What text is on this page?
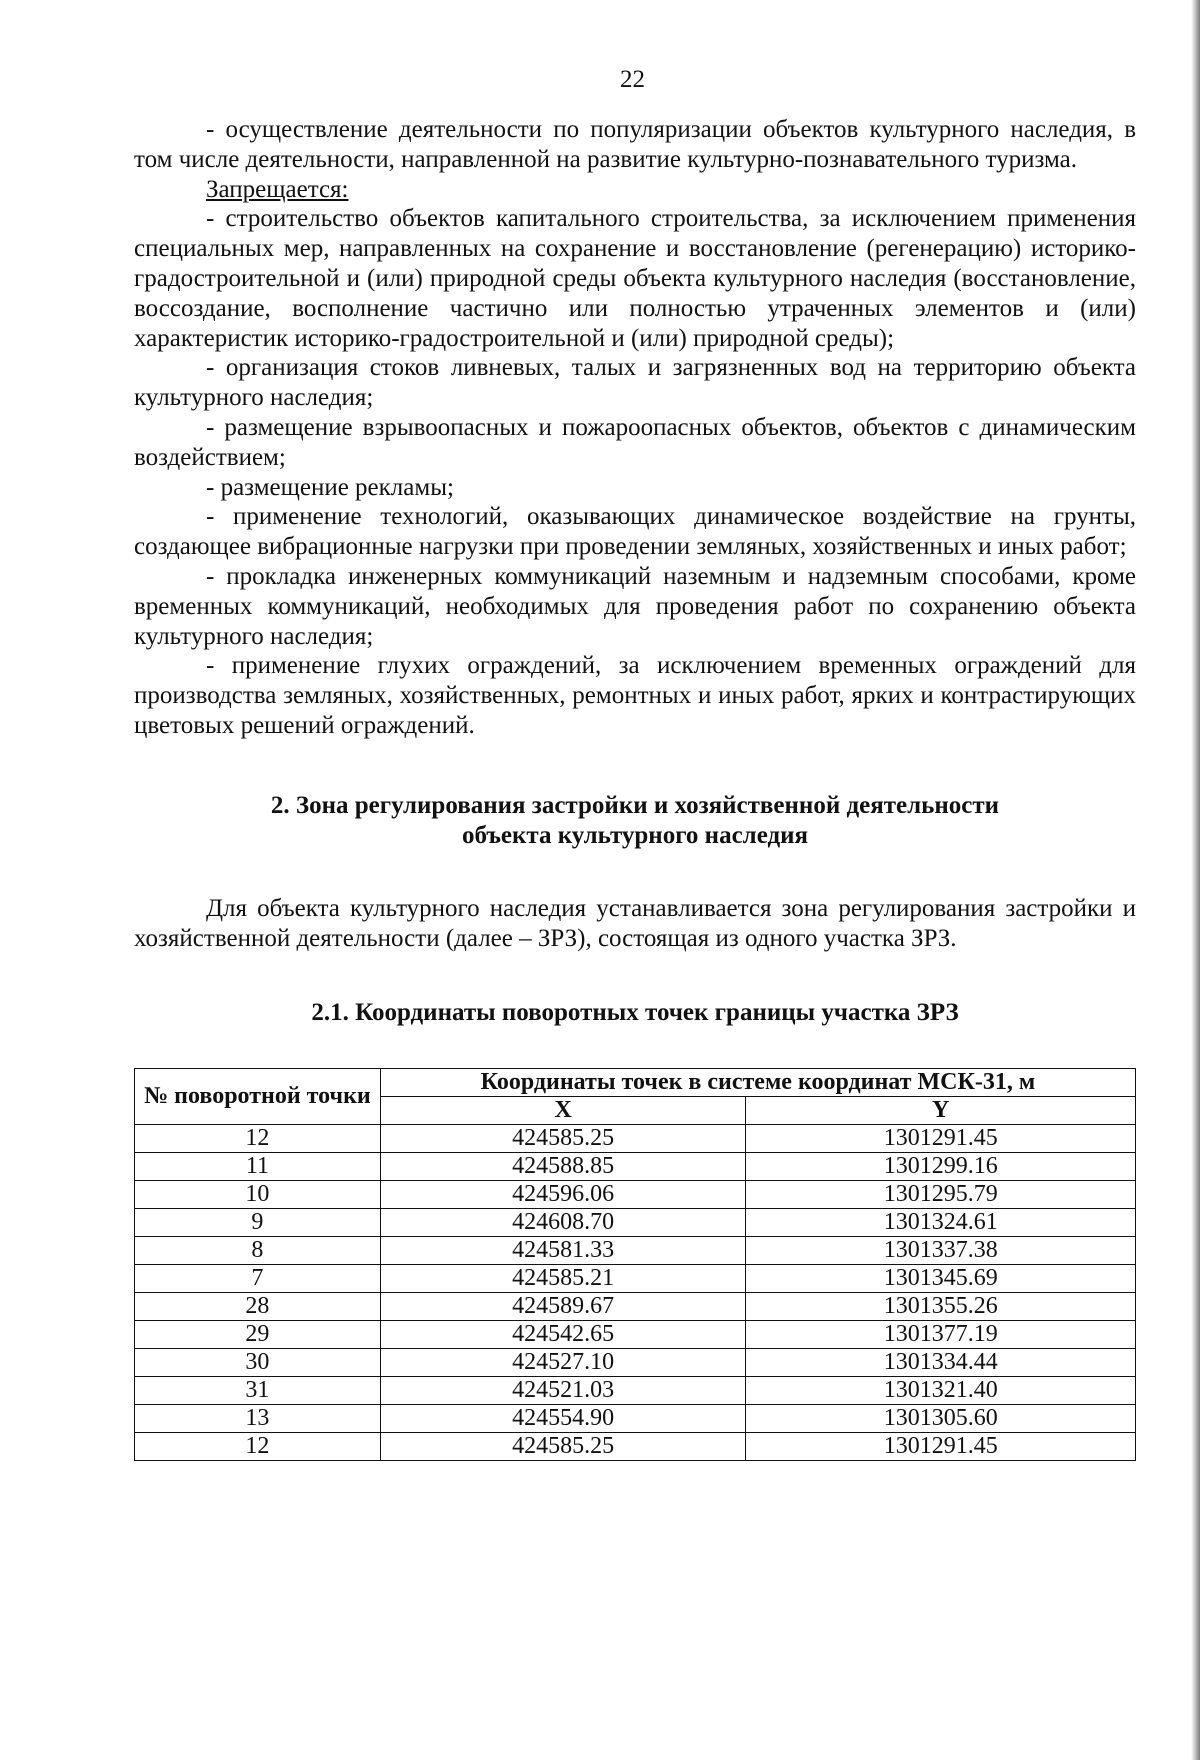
22

- осуществление деятельности по популяризации объектов культурного наследия, в том числе деятельности, направленной на развитие культурно-познавательного туризма.

Запрещается:

- строительство объектов капитального строительства, за исключением применения специальных мер, направленных на сохранение и восстановление (регенерацию) историко-градостроительной и (или) природной среды объекта культурного наследия (восстановление, воссоздание, восполнение частично или полностью утраченных элементов и (или) характеристик историко-градостроительной и (или) природной среды);

- организация стоков ливневых, талых и загрязненных вод на территорию объекта культурного наследия;

- размещение взрывоопасных и пожароопасных объектов, объектов с динамическим воздействием;

- размещение рекламы;

- применение технологий, оказывающих динамическое воздействие на грунты, создающее вибрационные нагрузки при проведении земляных, хозяйственных и иных работ;

- прокладка инженерных коммуникаций наземным и надземным способами, кроме временных коммуникаций, необходимых для проведения работ по сохранению объекта культурного наследия;

- применение глухих ограждений, за исключением временных ограждений для производства земляных, хозяйственных, ремонтных и иных работ, ярких и контрастирующих цветовых решений ограждений.

2. Зона регулирования застройки и хозяйственной деятельности

объекта культурного наследия

Для объекта культурного наследия устанавливается зона регулирования застройки и хозяйственной деятельности (далее – ЗРЗ), состоящая из одного участка ЗРЗ.

2.1. Координаты поворотных точек границы участка ЗРЗ

№ поворотной точки	Координаты точек в системе координат МСК-31, м	
	X	Y
12	424585.25	1301291.45
11	424588.85	1301299.16
10	424596.06	1301295.79
9	424608.70	1301324.61
8	424581.33	1301337.38
7	424585.21	1301345.69
28	424589.67	1301355.26
29	424542.65	1301377.19
30	424527.10	1301334.44
31	424521.03	1301321.40
13	424554.90	1301305.60
12	424585.25	1301291.45
